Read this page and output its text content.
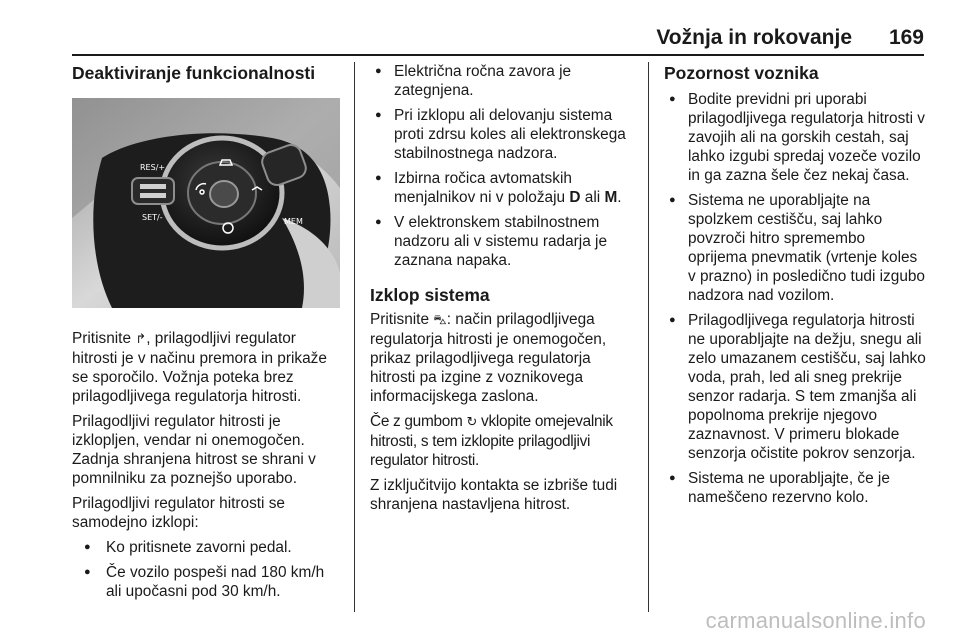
Vožnja in rokovanje 169
Deaktiviranje funkcionalnosti
RES/+
SET/-	MEM

Pritisnite ↱, prilagodljivi regulator hitrosti je v načinu premora in prikaže se sporočilo. Vožnja poteka brez prilagodljivega regulatorja hitrosti.

Prilagodljivi regulator hitrosti je izklopljen, vendar ni onemogočen. Zadnja shranjena hitrost se shrani v pomnilniku za poznejšo uporabo.

Prilagodljivi regulator hitrosti se samodejno izklopi:

● Ko pritisnete zavorni pedal.
● Če vozilo pospeši nad 180 km/h ali upočasni pod 30 km/h.
● Električna ročna zavora je zategnjena.
● Pri izklopu ali delovanju sistema proti zdrsu koles ali elektronskega stabilnostnega nadzora.
● Izbirna ročica avtomatskih menjalnikov ni v položaju D ali M.
● V elektronskem stabilnostnem nadzoru ali v sistemu radarja je zaznana napaka.
Izklop sistema

Pritisnite ⛍: način prilagodljivega regulatorja hitrosti je onemogočen, prikaz prilagodljivega regulatorja hitrosti pa izgine z voznikovega informacijskega zaslona.

Če z gumbom ↻ vklopite omejevalnik hitrosti, s tem izklopite prilagodljivi regulator hitrosti.

Z izključitvijo kontakta se izbriše tudi shranjena nastavljena hitrost.

Pozornost voznika
● Bodite previdni pri uporabi prilagodljivega regulatorja hitrosti v zavojih ali na gorskih cestah, saj lahko izgubi spredaj vozeče vozilo in ga zazna šele čez nekaj časa.
● Sistema ne uporabljajte na spolzkem cestišču, saj lahko povzroči hitro spremembo oprijema pnevmatik (vrtenje koles v prazno) in posledično tudi izgubo nadzora nad vozilom.
● Prilagodljivega regulatorja hitrosti ne uporabljajte na dežju, snegu ali zelo umazanem cestišču, saj lahko voda, prah, led ali sneg prekrije senzor radarja. S tem zmanjša ali popolnoma prekrije njegovo zaznavnost. V primeru blokade senzorja očistite pokrov senzorja.
● Sistema ne uporabljajte, če je nameščeno rezervno kolo.
carmanualsonline.info
